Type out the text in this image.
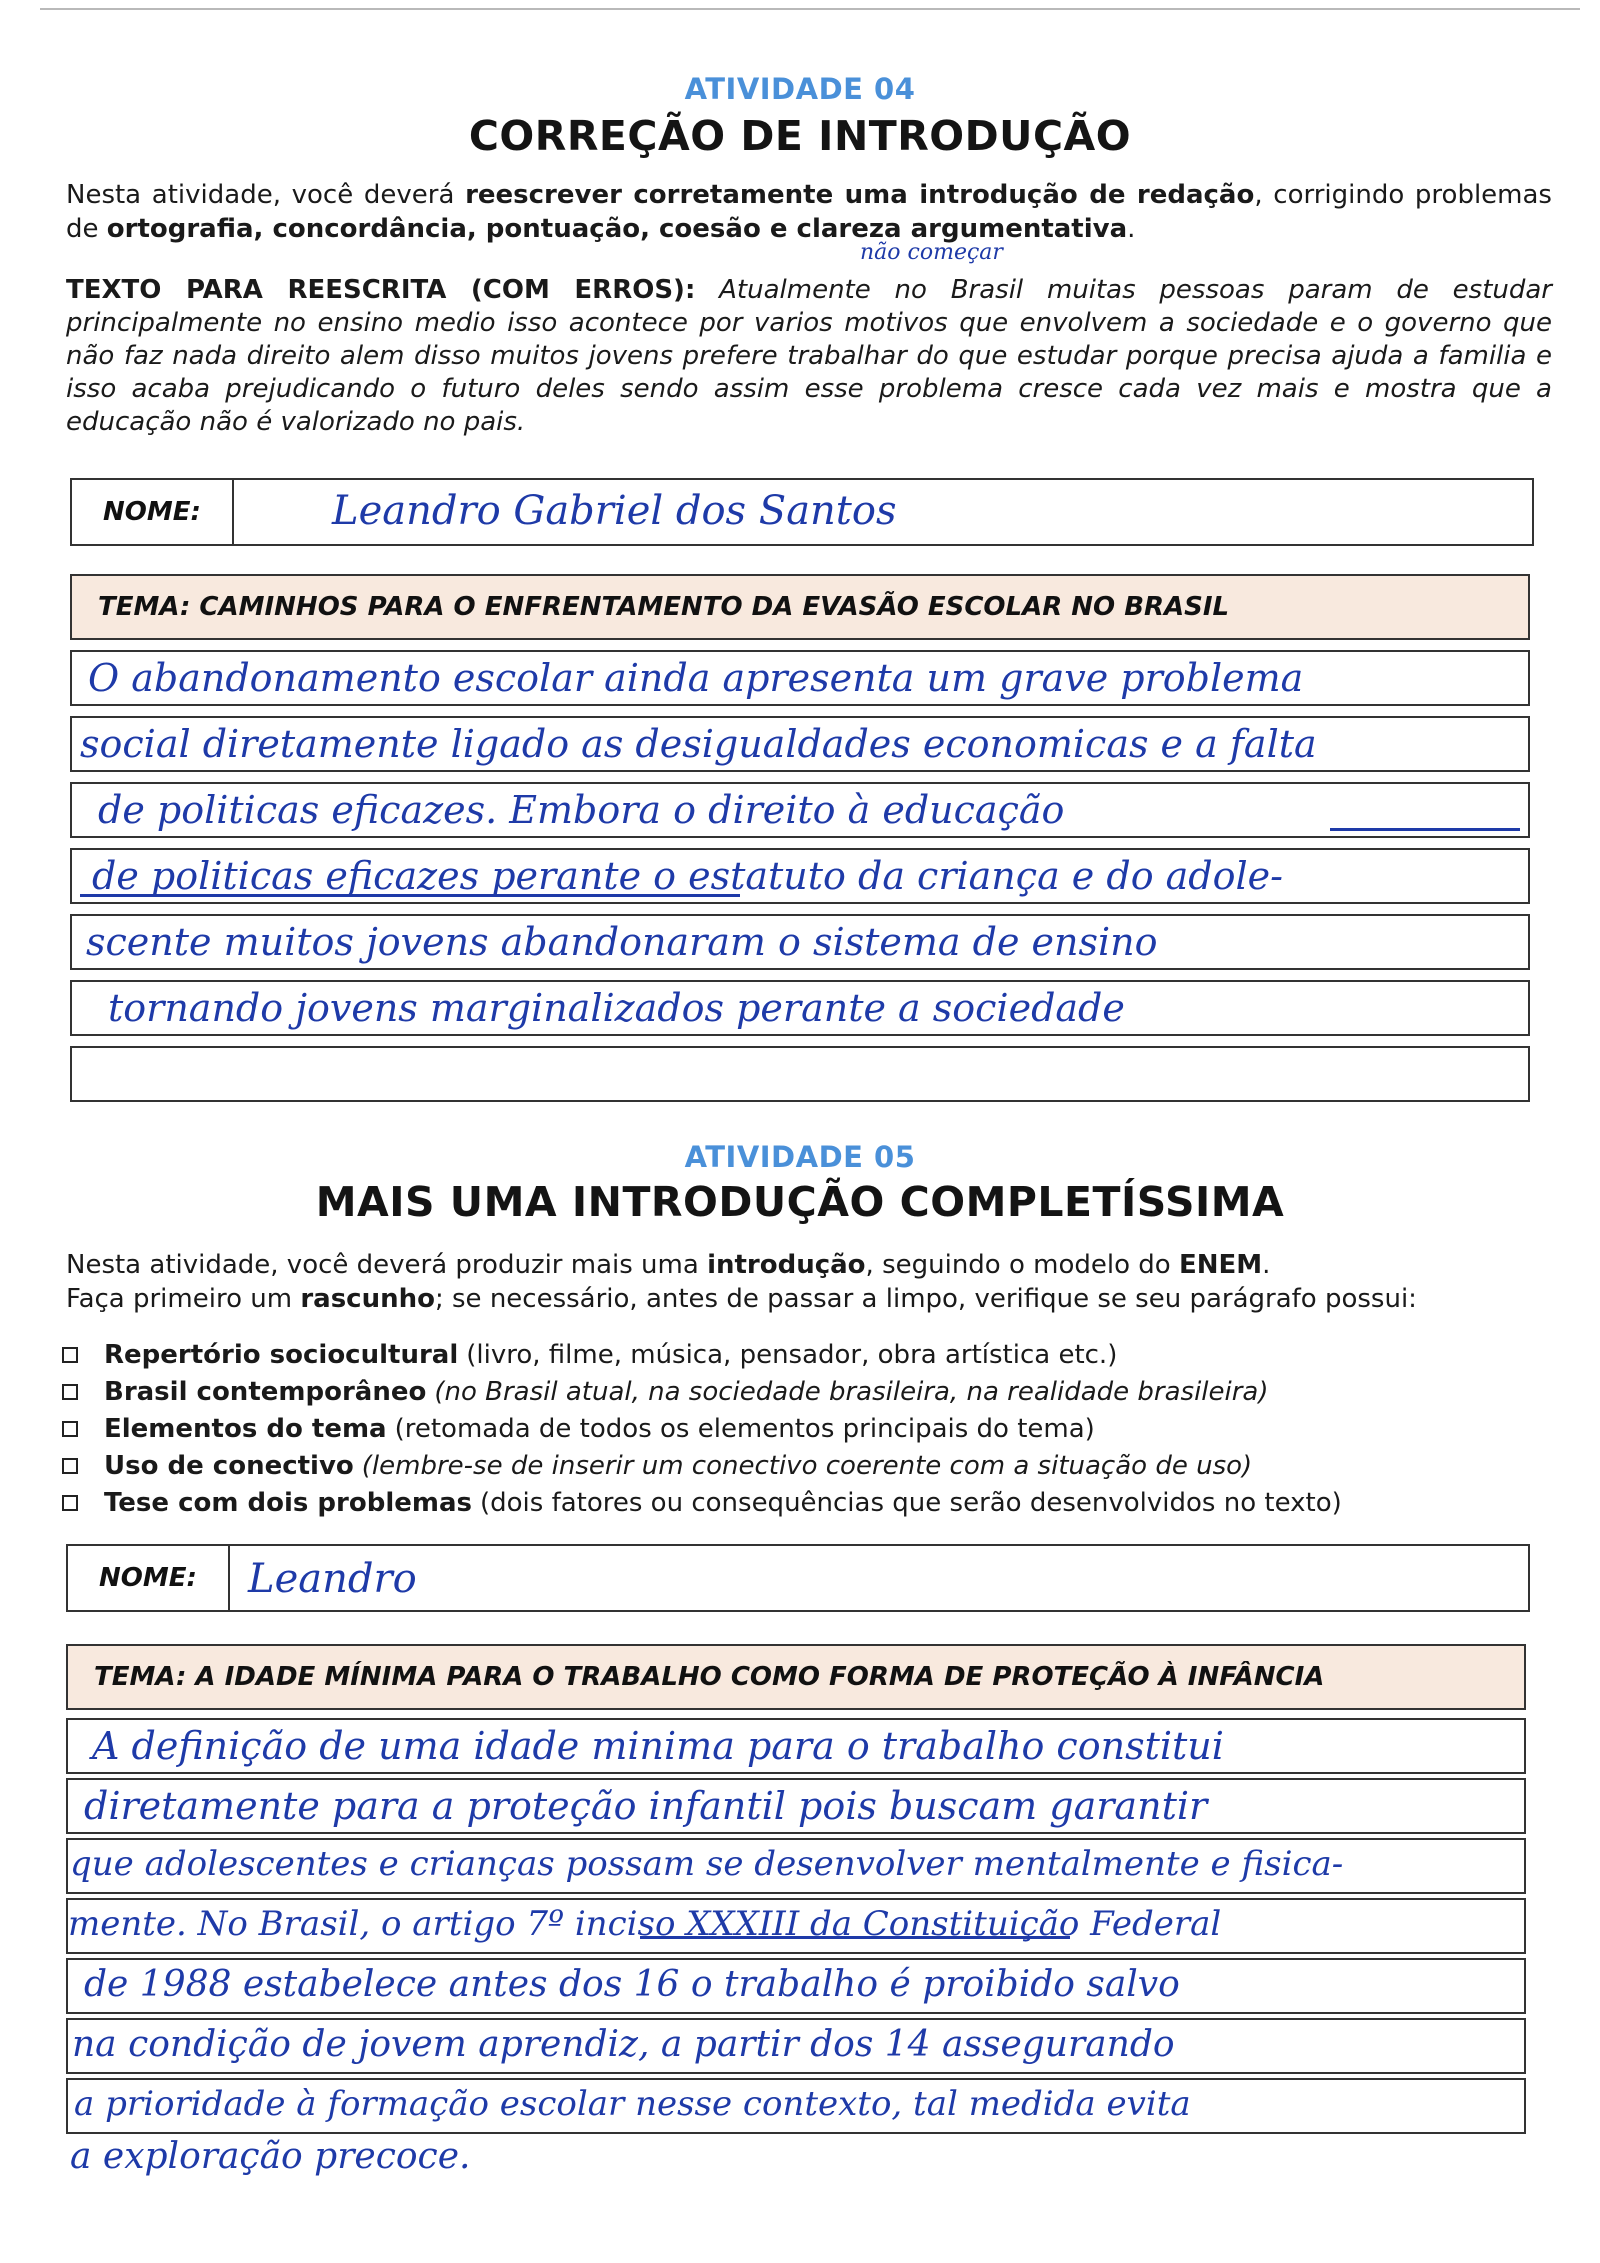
ATIVIDADE 04
CORREÇÃO DE INTRODUÇÃO
Nesta atividade, você deverá reescrever corretamente uma introdução de redação, corrigindo problemas de ortografia, concordância, pontuação, coesão e clareza argumentativa.
não começar
TEXTO PARA REESCRITA (COM ERROS): Atualmente no Brasil muitas pessoas param de estudar principalmente no ensino medio isso acontece por varios motivos que envolvem a sociedade e o governo que não faz nada direito alem disso muitos jovens prefere trabalhar do que estudar porque precisa ajuda a familia e isso acaba prejudicando o futuro deles sendo assim esse problema cresce cada vez mais e mostra que a educação não é valorizado no pais.
NOME:	Leandro Gabriel dos Santos
TEMA: CAMINHOS PARA O ENFRENTAMENTO DA EVASÃO ESCOLAR NO BRASIL
O abandonamento escolar ainda apresenta um grave problema
social diretamente ligado as desigualdades economicas e a falta
de politicas eficazes. Embora o direito à educação
de politicas eficazes perante o estatuto da criança e do adole-
scente muitos jovens abandonaram o sistema de ensino
tornando jovens marginalizados perante a sociedade
ATIVIDADE 05
MAIS UMA INTRODUÇÃO COMPLETÍSSIMA
Nesta atividade, você deverá produzir mais uma introdução, seguindo o modelo do ENEM.
Faça primeiro um rascunho; se necessário, antes de passar a limpo, verifique se seu parágrafo possui:
Repertório sociocultural (livro, filme, música, pensador, obra artística etc.)
Brasil contemporâneo (no Brasil atual, na sociedade brasileira, na realidade brasileira)
Elementos do tema (retomada de todos os elementos principais do tema)
Uso de conectivo (lembre-se de inserir um conectivo coerente com a situação de uso)
Tese com dois problemas (dois fatores ou consequências que serão desenvolvidos no texto)
NOME:	Leandro
TEMA: A IDADE MÍNIMA PARA O TRABALHO COMO FORMA DE PROTEÇÃO À INFÂNCIA
A definição de uma idade minima para o trabalho constitui
diretamente para a proteção infantil pois buscam garantir
que adolescentes e crianças possam se desenvolver mentalmente e fisica-
mente. No Brasil, o artigo 7º inciso XXXIII da Constituição Federal
de 1988 estabelece antes dos 16 o trabalho é proibido salvo
na condição de jovem aprendiz, a partir dos 14 assegurando
a prioridade à formação escolar nesse contexto, tal medida evita
a exploração precoce.
